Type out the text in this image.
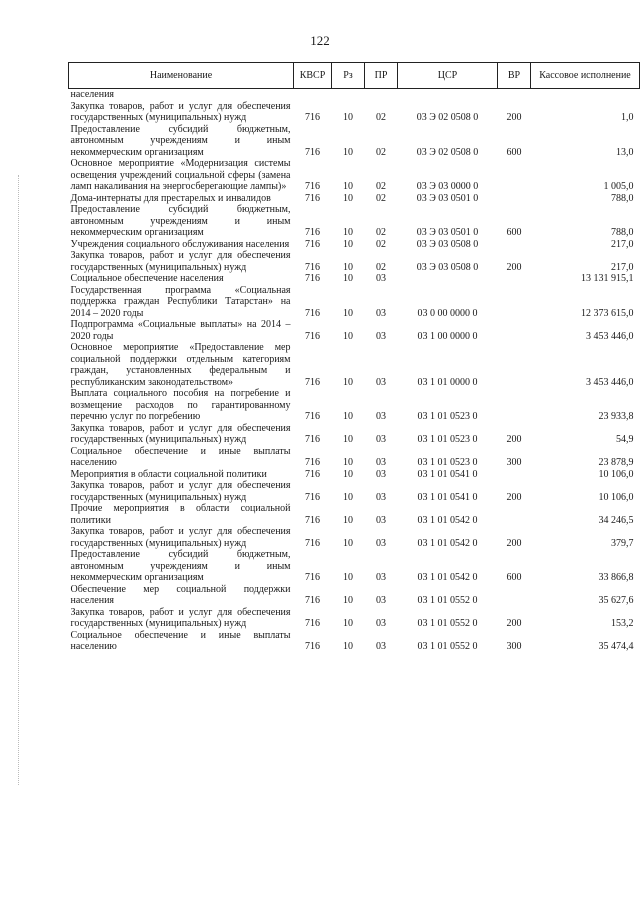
122
Наименование	КВСР	Рз	ПР	ЦСР	ВР	Кассовое исполнение
населения						
Закупка товаров, работ и услуг для обеспечения государственных (муниципальных) нужд	716	10	02	03 Э 02 0508 0	200	1,0
Предоставление субсидий бюджетным, автономным учреждениям и иным некоммерческим организациям	716	10	02	03 Э 02 0508 0	600	13,0
Основное мероприятие «Модернизация системы освещения учреждений социальной сферы (замена ламп накаливания на энергосберегающие лампы)»	716	10	02	03 Э 03 0000 0		1 005,0
Дома-интернаты для престарелых и инвалидов	716	10	02	03 Э 03 0501 0		788,0
Предоставление субсидий бюджетным, автономным учреждениям и иным некоммерческим организациям	716	10	02	03 Э 03 0501 0	600	788,0
Учреждения социального обслуживания населения	716	10	02	03 Э 03 0508 0		217,0
Закупка товаров, работ и услуг для обеспечения государственных (муниципальных) нужд	716	10	02	03 Э 03 0508 0	200	217,0
Социальное обеспечение населения	716	10	03			13 131 915,1
Государственная программа «Социальная поддержка граждан Республики Татарстан» на 2014 – 2020 годы	716	10	03	03 0 00 0000 0		12 373 615,0
Подпрограмма «Социальные выплаты» на 2014 – 2020 годы	716	10	03	03 1 00 0000 0		3 453 446,0
Основное мероприятие «Предоставление мер социальной поддержки отдельным категориям граждан, установленных федеральным и республиканским законодательством»	716	10	03	03 1 01 0000 0		3 453 446,0
Выплата социального пособия на погребение и возмещение расходов по гарантированному перечню услуг по погребению	716	10	03	03 1 01 0523 0		23 933,8
Закупка товаров, работ и услуг для обеспечения государственных (муниципальных) нужд	716	10	03	03 1 01 0523 0	200	54,9
Социальное обеспечение и иные выплаты населению	716	10	03	03 1 01 0523 0	300	23 878,9
Мероприятия в области социальной политики	716	10	03	03 1 01 0541 0		10 106,0
Закупка товаров, работ и услуг для обеспечения государственных (муниципальных) нужд	716	10	03	03 1 01 0541 0	200	10 106,0
Прочие мероприятия в области социальной политики	716	10	03	03 1 01 0542 0		34 246,5
Закупка товаров, работ и услуг для обеспечения государственных (муниципальных) нужд	716	10	03	03 1 01 0542 0	200	379,7
Предоставление субсидий бюджетным, автономным учреждениям и иным некоммерческим организациям	716	10	03	03 1 01 0542 0	600	33 866,8
Обеспечение мер социальной поддержки населения	716	10	03	03 1 01 0552 0		35 627,6
Закупка товаров, работ и услуг для обеспечения государственных (муниципальных) нужд	716	10	03	03 1 01 0552 0	200	153,2
Социальное обеспечение и иные выплаты населению	716	10	03	03 1 01 0552 0	300	35 474,4
